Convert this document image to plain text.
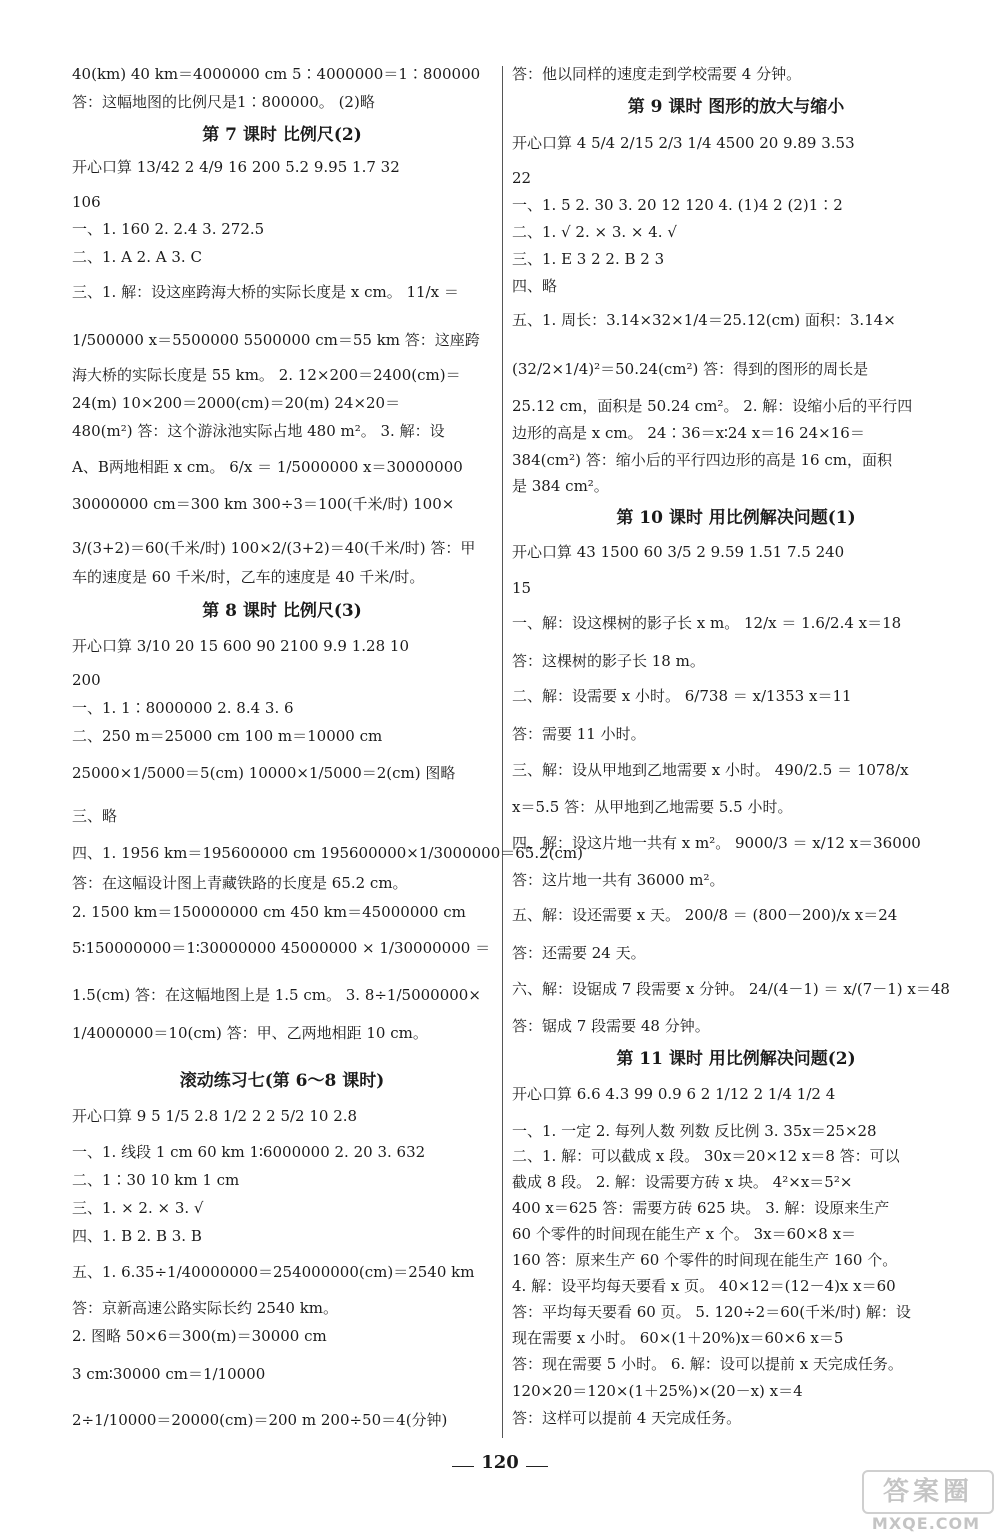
40(km) 40 km＝4000000 cm 5∶4000000＝1∶800000
答：这幅地图的比例尺是1∶800000。 (2)略
第 7 课时 比例尺(2)
开心口算 13/42 2 4/9 16 200 5.2 9.95 1.7 32
106
一、1. 160 2. 2.4 3. 272.5
二、1. A 2. A 3. C
三、1. 解：设这座跨海大桥的实际长度是 x cm。 11/x ＝
1/500000 x＝5500000 5500000 cm＝55 km 答：这座跨
海大桥的实际长度是 55 km。 2. 12×200＝2400(cm)＝
24(m) 10×200＝2000(cm)＝20(m) 24×20＝
480(m²) 答：这个游泳池实际占地 480 m²。 3. 解：设
A、B两地相距 x cm。 6/x ＝ 1/5000000 x＝30000000
30000000 cm＝300 km 300÷3＝100(千米/时) 100×
3/(3+2)＝60(千米/时) 100×2/(3+2)＝40(千米/时) 答：甲
车的速度是 60 千米/时，乙车的速度是 40 千米/时。
第 8 课时 比例尺(3)
开心口算 3/10 20 15 600 90 2100 9.9 1.28 10
200
一、1. 1∶8000000 2. 8.4 3. 6
二、250 m＝25000 cm 100 m＝10000 cm
25000×1/5000＝5(cm) 10000×1/5000＝2(cm) 图略
三、略
四、1. 1956 km＝195600000 cm 195600000×1/3000000＝65.2(cm)
答：在这幅设计图上青藏铁路的长度是 65.2 cm。
2. 1500 km＝150000000 cm 450 km＝45000000 cm
5∶150000000＝1∶30000000 45000000 × 1/30000000 ＝
1.5(cm) 答：在这幅地图上是 1.5 cm。 3. 8÷1/5000000×
1/4000000＝10(cm) 答：甲、乙两地相距 10 cm。
滚动练习七(第 6～8 课时)
开心口算 9 5 1/5 2.8 1/2 2 2 5/2 10 2.8
一、1. 线段 1 cm 60 km 1∶6000000 2. 20 3. 632
二、1∶30 10 km 1 cm
三、1. × 2. × 3. √
四、1. B 2. B 3. B
五、1. 6.35÷1/40000000＝254000000(cm)＝2540 km
答：京新高速公路实际长约 2540 km。
2. 图略 50×6＝300(m)＝30000 cm
3 cm∶30000 cm＝1/10000
2÷1/10000＝20000(cm)＝200 m 200÷50＝4(分钟)
答：他以同样的速度走到学校需要 4 分钟。
第 9 课时 图形的放大与缩小
开心口算 4 5/4 2/15 2/3 1/4 4500 20 9.89 3.53
22
一、1. 5 2. 30 3. 20 12 120 4. (1)4 2 (2)1∶2
二、1. √ 2. × 3. × 4. √
三、1. E 3 2 2. B 2 3
四、略
五、1. 周长：3.14×32×1/4＝25.12(cm) 面积：3.14×
(32/2×1/4)²＝50.24(cm²) 答：得到的图形的周长是
25.12 cm，面积是 50.24 cm²。 2. 解：设缩小后的平行四
边形的高是 x cm。 24∶36＝x∶24 x＝16 24×16＝
384(cm²) 答：缩小后的平行四边形的高是 16 cm，面积
是 384 cm²。
第 10 课时 用比例解决问题(1)
开心口算 43 1500 60 3/5 2 9.59 1.51 7.5 240
15
一、解：设这棵树的影子长 x m。 12/x ＝ 1.6/2.4 x＝18
答：这棵树的影子长 18 m。
二、解：设需要 x 小时。 6/738 ＝ x/1353 x＝11
答：需要 11 小时。
三、解：设从甲地到乙地需要 x 小时。 490/2.5 ＝ 1078/x
x＝5.5 答：从甲地到乙地需要 5.5 小时。
四、解：设这片地一共有 x m²。 9000/3 ＝ x/12 x＝36000
答：这片地一共有 36000 m²。
五、解：设还需要 x 天。 200/8 ＝ (800－200)/x x＝24
答：还需要 24 天。
六、解：设锯成 7 段需要 x 分钟。 24/(4－1) ＝ x/(7－1) x＝48
答：锯成 7 段需要 48 分钟。
第 11 课时 用比例解决问题(2)
开心口算 6.6 4.3 99 0.9 6 2 1/12 2 1/4 1/2 4
一、1. 一定 2. 每列人数 列数 反比例 3. 35x＝25×28
二、1. 解：可以截成 x 段。 30x＝20×12 x＝8 答：可以
截成 8 段。 2. 解：设需要方砖 x 块。 4²×x＝5²×
400 x＝625 答：需要方砖 625 块。 3. 解：设原来生产
60 个零件的时间现在能生产 x 个。 3x＝60×8 x＝
160 答：原来生产 60 个零件的时间现在能生产 160 个。
4. 解：设平均每天要看 x 页。 40×12＝(12－4)x x＝60
答：平均每天要看 60 页。 5. 120÷2＝60(千米/时) 解：设
现在需要 x 小时。 60×(1＋20%)x＝60×6 x＝5
答：现在需要 5 小时。 6. 解：设可以提前 x 天完成任务。
120×20＝120×(1＋25%)×(20－x) x＝4
答：这样可以提前 4 天完成任务。
120
答案圈
MXQE.COM
